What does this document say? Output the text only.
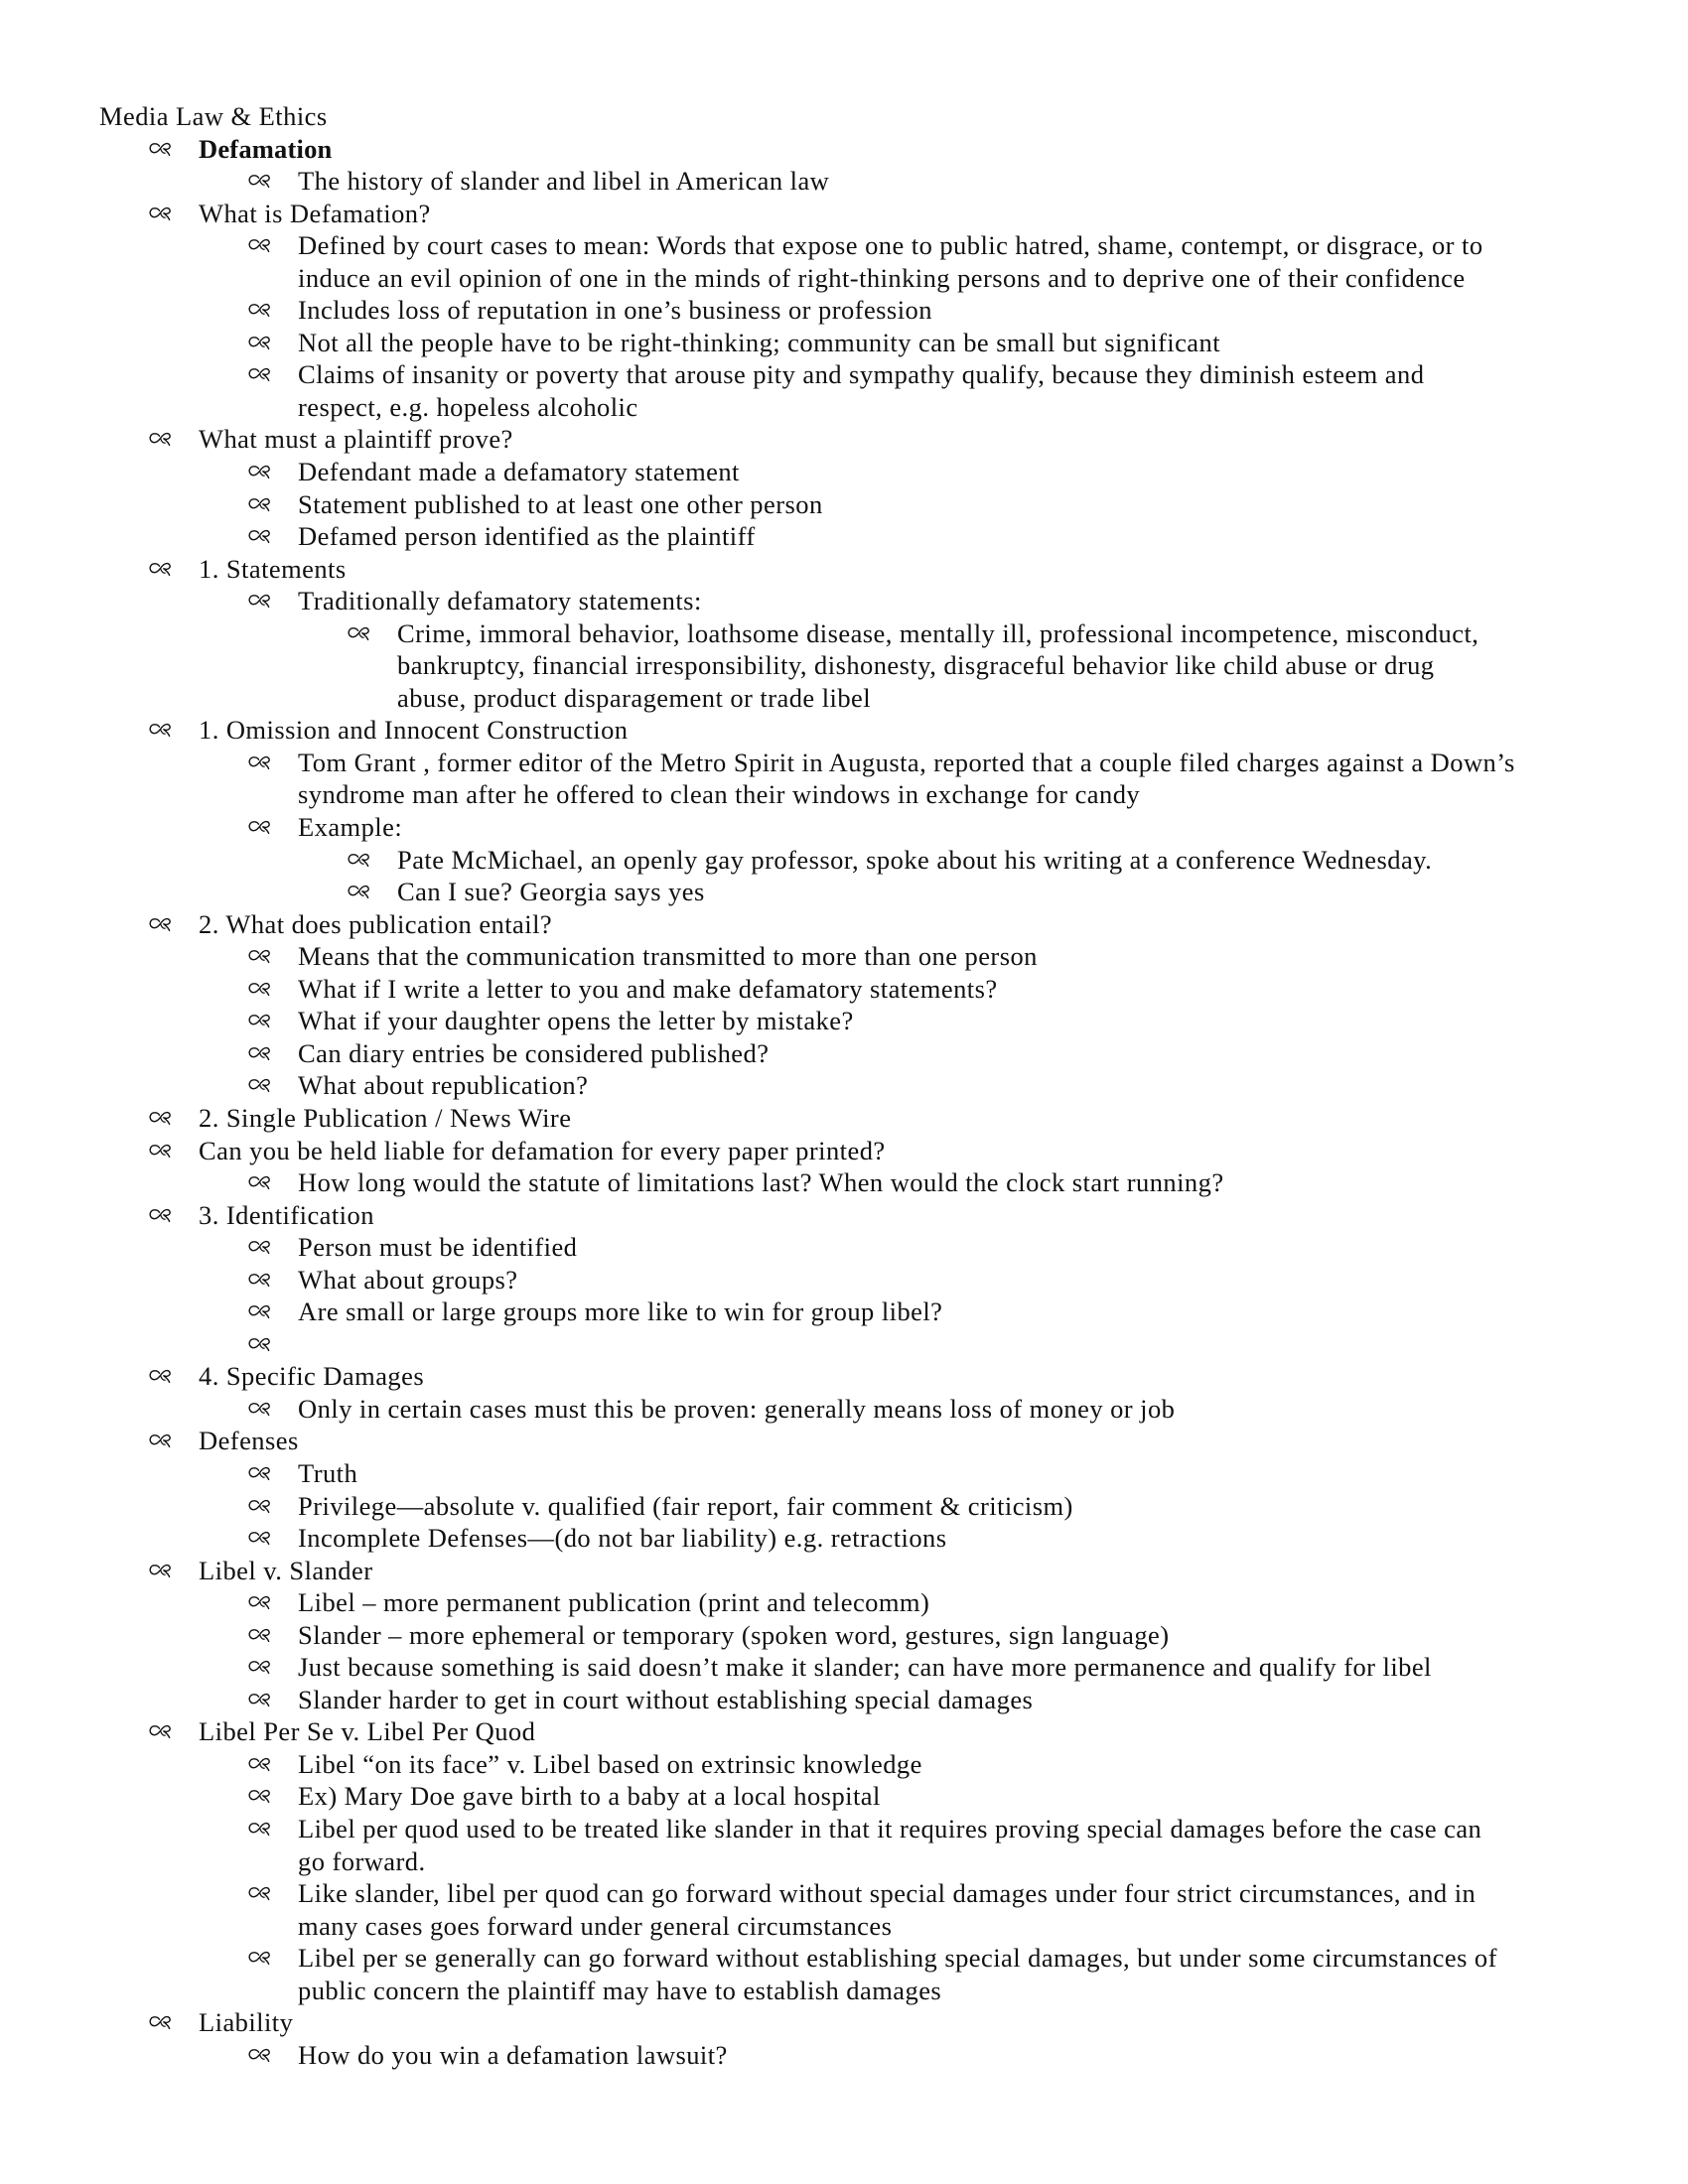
Media Law & Ethics
Defamation
The history of slander and libel in American law
What is Defamation?
Defined by court cases to mean: Words that expose one to public hatred, shame, contempt, or disgrace, or to
induce an evil opinion of one in the minds of right-thinking persons and to deprive one of their confidence
Includes loss of reputation in one’s business or profession
Not all the people have to be right-thinking; community can be small but significant
Claims of insanity or poverty that arouse pity and sympathy qualify, because they diminish esteem and
respect, e.g. hopeless alcoholic
What must a plaintiff prove?
Defendant made a defamatory statement
Statement published to at least one other person
Defamed person identified as the plaintiff
1. Statements
Traditionally defamatory statements:
Crime, immoral behavior, loathsome disease, mentally ill, professional incompetence, misconduct,
bankruptcy, financial irresponsibility, dishonesty, disgraceful behavior like child abuse or drug
abuse, product disparagement or trade libel
1. Omission and Innocent Construction
Tom Grant , former editor of the Metro Spirit in Augusta, reported that a couple filed charges against a Down’s
syndrome man after he offered to clean their windows in exchange for candy
Example:
Pate McMichael, an openly gay professor, spoke about his writing at a conference Wednesday.
Can I sue? Georgia says yes
2. What does publication entail?
Means that the communication transmitted to more than one person
What if I write a letter to you and make defamatory statements?
What if your daughter opens the letter by mistake?
Can diary entries be considered published?
What about republication?
2. Single Publication / News Wire
Can you be held liable for defamation for every paper printed?
How long would the statute of limitations last? When would the clock start running?
3. Identification
Person must be identified
What about groups?
Are small or large groups more like to win for group libel?
4. Specific Damages
Only in certain cases must this be proven: generally means loss of money or job
Defenses
Truth
Privilege—absolute v. qualified (fair report, fair comment & criticism)
Incomplete Defenses—(do not bar liability) e.g. retractions
Libel v. Slander
Libel – more permanent publication (print and telecomm)
Slander – more ephemeral or temporary (spoken word, gestures, sign language)
Just because something is said doesn’t make it slander; can have more permanence and qualify for libel
Slander harder to get in court without establishing special damages
Libel Per Se v. Libel Per Quod
Libel “on its face” v. Libel based on extrinsic knowledge
Ex) Mary Doe gave birth to a baby at a local hospital
Libel per quod used to be treated like slander in that it requires proving special damages before the case can
go forward.
Like slander, libel per quod can go forward without special damages under four strict circumstances, and in
many cases goes forward under general circumstances
Libel per se generally can go forward without establishing special damages, but under some circumstances of
public concern the plaintiff may have to establish damages
Liability
How do you win a defamation lawsuit?
